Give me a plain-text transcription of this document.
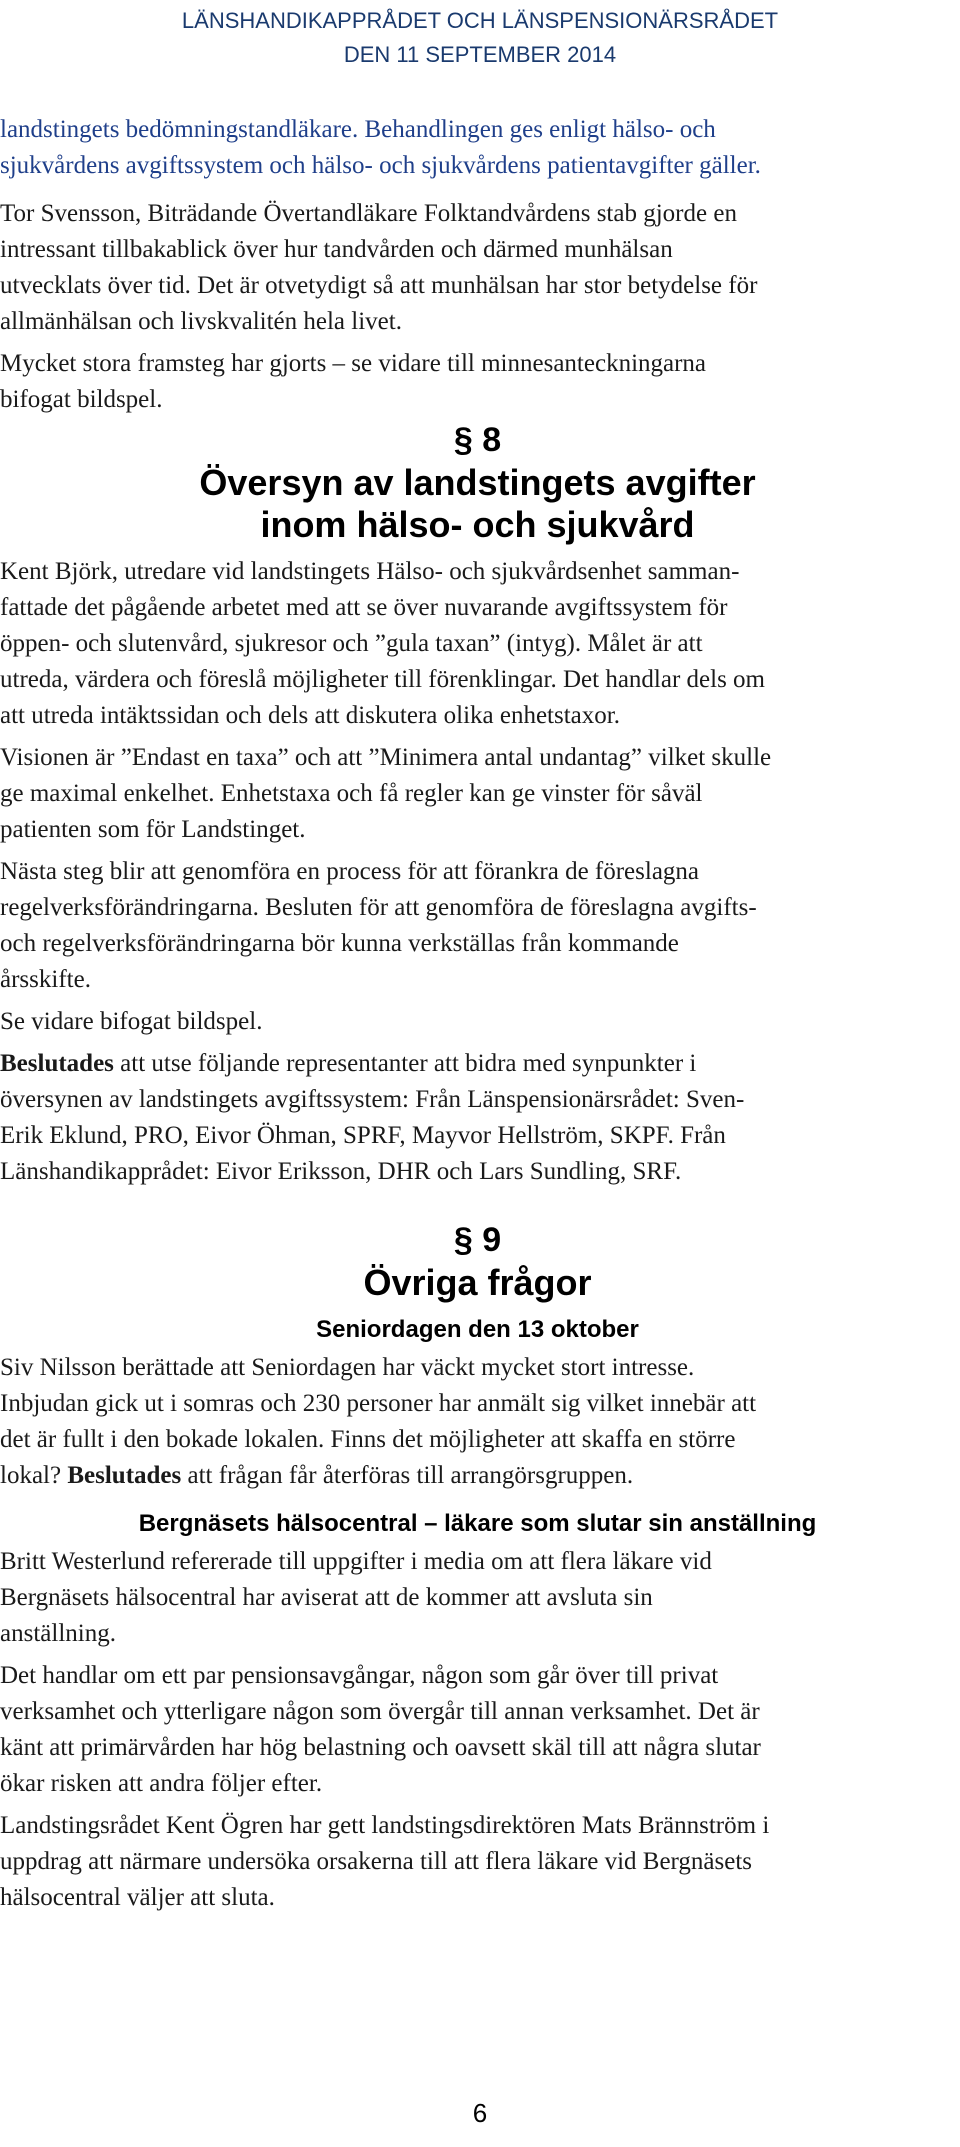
LÄNSHANDIKAPPRÅDET OCH LÄNSPENSIONÄRSRÅDET
DEN 11 SEPTEMBER 2014

landstingets bedömningstandläkare. Behandlingen ges enligt hälso- och

sjukvårdens avgiftssystem och hälso- och sjukvårdens patientavgifter gäller.

Tor Svensson, Biträdande Övertandläkare Folktandvårdens stab gjorde en

intressant tillbakablick över hur tandvården och därmed munhälsan

utvecklats över tid. Det är otvetydigt så att munhälsan har stor betydelse för

allmänhälsan och livskvalitén hela livet.

Mycket stora framsteg har gjorts – se vidare till minnesanteckningarna

bifogat bildspel.

§ 8
Översyn av landstingets avgifter
inom hälso- och sjukvård

Kent Björk, utredare vid landstingets Hälso- och sjukvårdsenhet samman-

fattade det pågående arbetet med att se över nuvarande avgiftssystem för

öppen- och slutenvård, sjukresor och ”gula taxan” (intyg). Målet är att

utreda, värdera och föreslå möjligheter till förenklingar. Det handlar dels om

att utreda intäktssidan och dels att diskutera olika enhetstaxor.

Visionen är ”Endast en taxa” och att ”Minimera antal undantag” vilket skulle

ge maximal enkelhet. Enhetstaxa och få regler kan ge vinster för såväl

patienten som för Landstinget.

Nästa steg blir att genomföra en process för att förankra de föreslagna

regelverksförändringarna. Besluten för att genomföra de föreslagna avgifts-

och regelverksförändringarna bör kunna verkställas från kommande

årsskifte.

Se vidare bifogat bildspel.

Beslutades att utse följande representanter att bidra med synpunkter i

översynen av landstingets avgiftssystem: Från Länspensionärsrådet: Sven-

Erik Eklund, PRO, Eivor Öhman, SPRF, Mayvor Hellström, SKPF. Från

Länshandikapprådet: Eivor Eriksson, DHR och Lars Sundling, SRF.

§ 9
Övriga frågor
Seniordagen den 13 oktober

Siv Nilsson berättade att Seniordagen har väckt mycket stort intresse.

Inbjudan gick ut i somras och 230 personer har anmält sig vilket innebär att

det är fullt i den bokade lokalen. Finns det möjligheter att skaffa en större

lokal? Beslutades att frågan får återföras till arrangörsgruppen.

Bergnäsets hälsocentral – läkare som slutar sin anställning

Britt Westerlund refererade till uppgifter i media om att flera läkare vid

Bergnäsets hälsocentral har aviserat att de kommer att avsluta sin

anställning.

Det handlar om ett par pensionsavgångar, någon som går över till privat

verksamhet och ytterligare någon som övergår till annan verksamhet. Det är

känt att primärvården har hög belastning och oavsett skäl till att några slutar

ökar risken att andra följer efter.

Landstingsrådet Kent Ögren har gett landstingsdirektören Mats Brännström i

uppdrag att närmare undersöka orsakerna till att flera läkare vid Bergnäsets

hälsocentral väljer att sluta.

6
